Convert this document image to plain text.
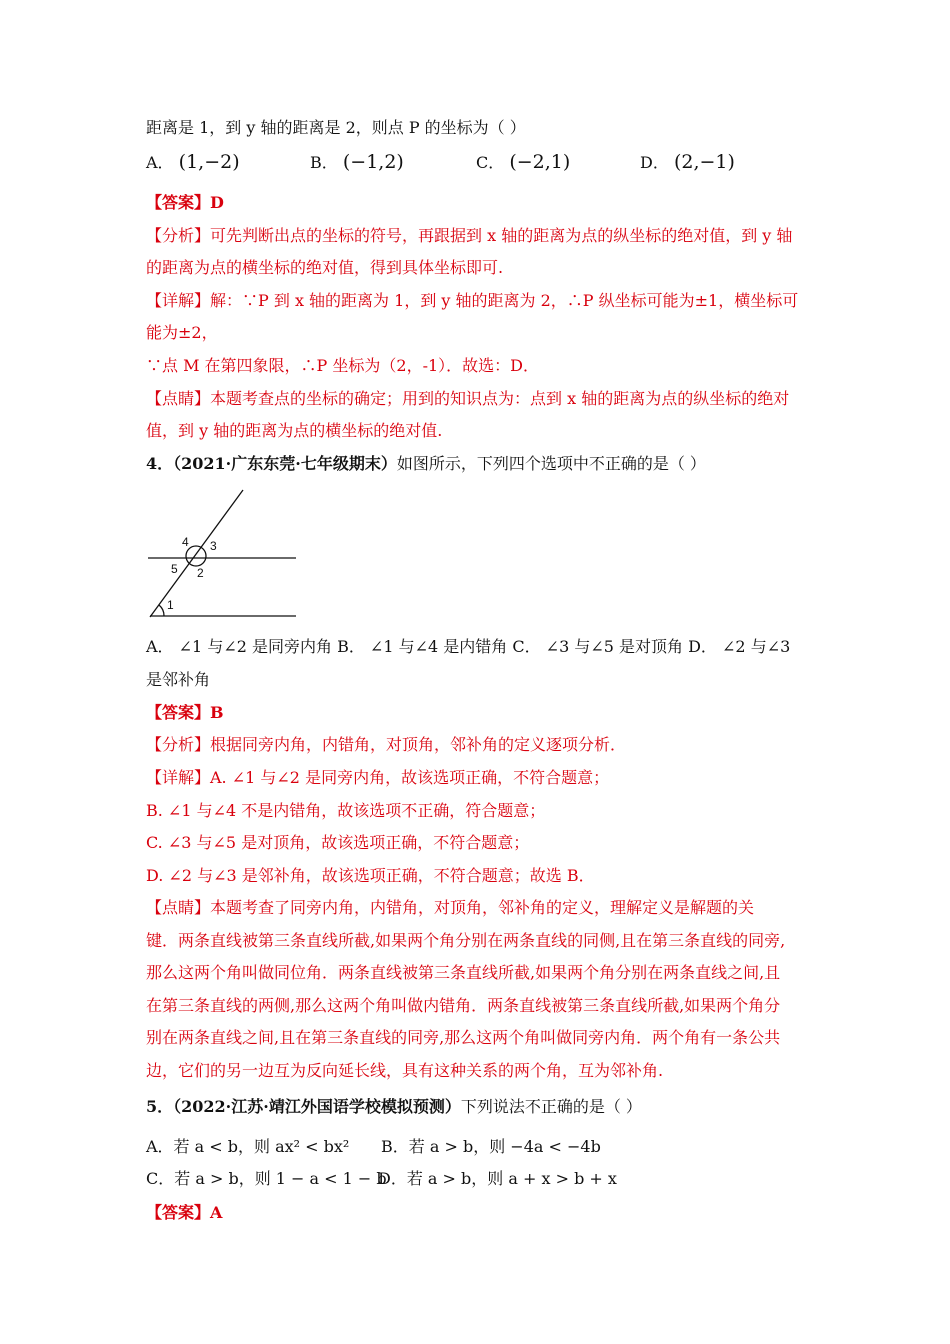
距离是 1，到 y 轴的距离是 2，则点 P 的坐标为（ ）
A． (1,−2)	B． (−1,2)	C． (−2,1)	D． (2,−1)
【答案】D
【分析】可先判断出点的坐标的符号，再跟据到 x 轴的距离为点的纵坐标的绝对值，到 y 轴
的距离为点的横坐标的绝对值，得到具体坐标即可.
【详解】解：∵P 到 x 轴的距离为 1，到 y 轴的距离为 2，∴P 纵坐标可能为±1，横坐标可
能为±2，
∵点 M 在第四象限，∴P 坐标为（2，-1）．故选：D．
【点睛】本题考查点的坐标的确定；用到的知识点为：点到 x 轴的距离为点的纵坐标的绝对
值，到 y 轴的距离为点的横坐标的绝对值.
4．（2021·广东东莞·七年级期末）如图所示，下列四个选项中不正确的是（ ）
4 3
5 2
1
A． ∠1 与∠2 是同旁内角 B． ∠1 与∠4 是内错角 C． ∠3 与∠5 是对顶角 D． ∠2 与∠3
是邻补角
【答案】B
【分析】根据同旁内角，内错角，对顶角，邻补角的定义逐项分析．
【详解】A. ∠1 与∠2 是同旁内角，故该选项正确，不符合题意；
B. ∠1 与∠4 不是内错角，故该选项不正确，符合题意；
C. ∠3 与∠5 是对顶角，故该选项正确，不符合题意；
D. ∠2 与∠3 是邻补角，故该选项正确，不符合题意；故选 B．
【点睛】本题考查了同旁内角，内错角，对顶角，邻补角的定义，理解定义是解题的关
键．两条直线被第三条直线所截,如果两个角分别在两条直线的同侧,且在第三条直线的同旁,
那么这两个角叫做同位角．两条直线被第三条直线所截,如果两个角分别在两条直线之间,且
在第三条直线的两侧,那么这两个角叫做内错角．两条直线被第三条直线所截,如果两个角分
别在两条直线之间,且在第三条直线的同旁,那么这两个角叫做同旁内角．两个角有一条公共
边，它们的另一边互为反向延长线，具有这种关系的两个角，互为邻补角.
5．（2022·江苏·靖江外国语学校模拟预测）下列说法不正确的是（ ）
A．若 a < b，则 ax² < bx² B．若 a > b，则 −4a < −4b
C．若 a > b，则 1 − a < 1 − b
D．若 a > b，则 a + x > b + x
【答案】A
